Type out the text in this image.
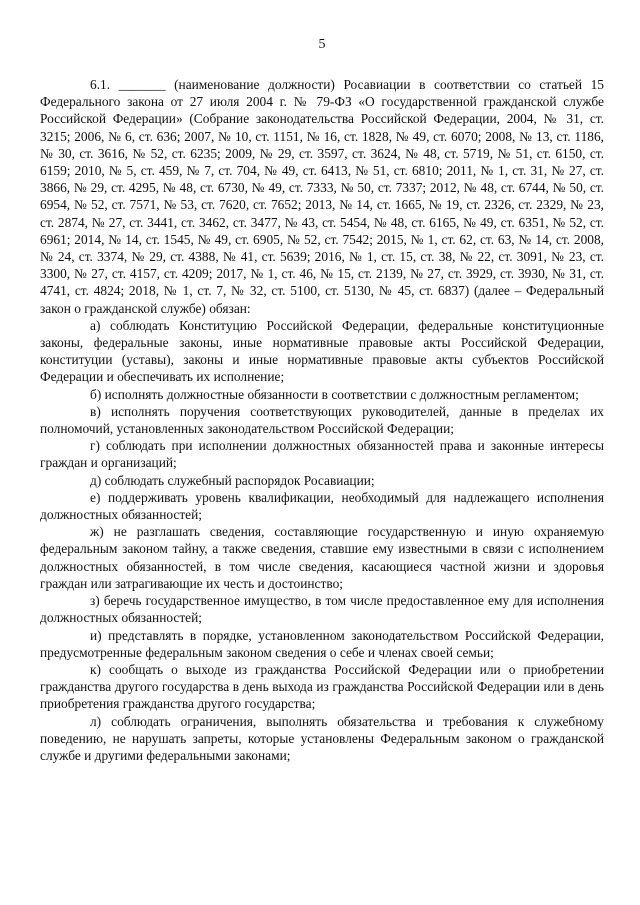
5

6.1. _______ (наименование должности) Росавиации в соответствии со статьей 15 Федерального закона от 27 июля 2004 г. № 79-ФЗ «О государственной гражданской службе Российской Федерации» (Собрание законодательства Российской Федерации, 2004, № 31, ст. 3215; 2006, № 6, ст. 636; 2007, № 10, ст. 1151, № 16, ст. 1828, № 49, ст. 6070; 2008, № 13, ст. 1186, № 30, ст. 3616, № 52, ст. 6235; 2009, № 29, ст. 3597, ст. 3624, № 48, ст. 5719, № 51, ст. 6150, ст. 6159; 2010, № 5, ст. 459, № 7, ст. 704, № 49, ст. 6413, № 51, ст. 6810; 2011, № 1, ст. 31, № 27, ст. 3866, № 29, ст. 4295, № 48, ст. 6730, № 49, ст. 7333, № 50, ст. 7337; 2012, № 48, ст. 6744, № 50, ст. 6954, № 52, ст. 7571, № 53, ст. 7620, ст. 7652; 2013, № 14, ст. 1665, № 19, ст. 2326, ст. 2329, № 23, ст. 2874, № 27, ст. 3441, ст. 3462, ст. 3477, № 43, ст. 5454, № 48, ст. 6165, № 49, ст. 6351, № 52, ст. 6961; 2014, № 14, ст. 1545, № 49, ст. 6905, № 52, ст. 7542; 2015, № 1, ст. 62, ст. 63, № 14, ст. 2008, № 24, ст. 3374, № 29, ст. 4388, № 41, ст. 5639; 2016, № 1, ст. 15, ст. 38, № 22, ст. 3091, № 23, ст. 3300, № 27, ст. 4157, ст. 4209; 2017, № 1, ст. 46, № 15, ст. 2139, № 27, ст. 3929, ст. 3930, № 31, ст. 4741, ст. 4824; 2018, № 1, ст. 7, № 32, ст. 5100, ст. 5130, № 45, ст. 6837) (далее – Федеральный закон о гражданской службе) обязан:

а) соблюдать Конституцию Российской Федерации, федеральные конституционные законы, федеральные законы, иные нормативные правовые акты Российской Федерации, конституции (уставы), законы и иные нормативные правовые акты субъектов Российской Федерации и обеспечивать их исполнение;

б) исполнять должностные обязанности в соответствии с должностным регламентом;

в) исполнять поручения соответствующих руководителей, данные в пределах их полномочий, установленных законодательством Российской Федерации;

г) соблюдать при исполнении должностных обязанностей права и законные интересы граждан и организаций;

д) соблюдать служебный распорядок Росавиации;

е) поддерживать уровень квалификации, необходимый для надлежащего исполнения должностных обязанностей;

ж) не разглашать сведения, составляющие государственную и иную охраняемую федеральным законом тайну, а также сведения, ставшие ему известными в связи с исполнением должностных обязанностей, в том числе сведения, касающиеся частной жизни и здоровья граждан или затрагивающие их честь и достоинство;

з) беречь государственное имущество, в том числе предоставленное ему для исполнения должностных обязанностей;

и) представлять в порядке, установленном законодательством Российской Федерации, предусмотренные федеральным законом сведения о себе и членах своей семьи;

к) сообщать о выходе из гражданства Российской Федерации или о приобретении гражданства другого государства в день выхода из гражданства Российской Федерации или в день приобретения гражданства другого государства;

л) соблюдать ограничения, выполнять обязательства и требования к служебному поведению, не нарушать запреты, которые установлены Федеральным законом о гражданской службе и другими федеральными законами;
